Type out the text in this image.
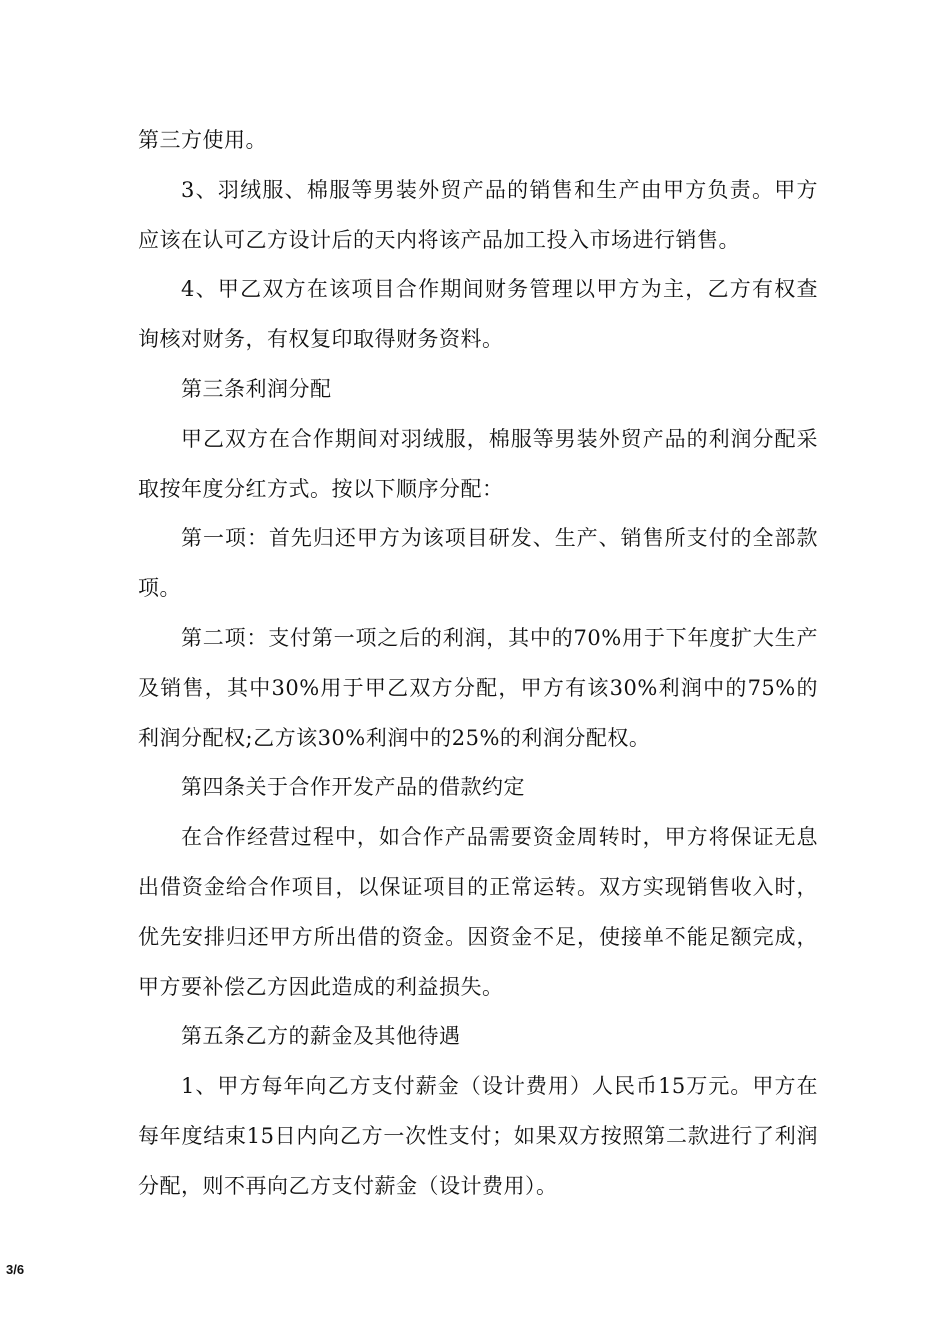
第三方使用。

3、羽绒服、棉服等男装外贸产品的销售和生产由甲方负责。甲方应该在认可乙方设计后的天内将该产品加工投入市场进行销售。

4、甲乙双方在该项目合作期间财务管理以甲方为主，乙方有权查询核对财务，有权复印取得财务资料。

第三条利润分配

甲乙双方在合作期间对羽绒服，棉服等男装外贸产品的利润分配采取按年度分红方式。按以下顺序分配：

第一项：首先归还甲方为该项目研发、生产、销售所支付的全部款项。

第二项：支付第一项之后的利润，其中的70%用于下年度扩大生产及销售，其中30%用于甲乙双方分配，甲方有该30%利润中的75%的利润分配权;乙方该30%利润中的25%的利润分配权。

第四条关于合作开发产品的借款约定

在合作经营过程中，如合作产品需要资金周转时，甲方将保证无息出借资金给合作项目，以保证项目的正常运转。双方实现销售收入时，优先安排归还甲方所出借的资金。因资金不足，使接单不能足额完成，甲方要补偿乙方因此造成的利益损失。

第五条乙方的薪金及其他待遇

1、甲方每年向乙方支付薪金（设计费用）人民币15万元。甲方在每年度结束15日内向乙方一次性支付；如果双方按照第二款进行了利润分配，则不再向乙方支付薪金（设计费用）。

3/6
